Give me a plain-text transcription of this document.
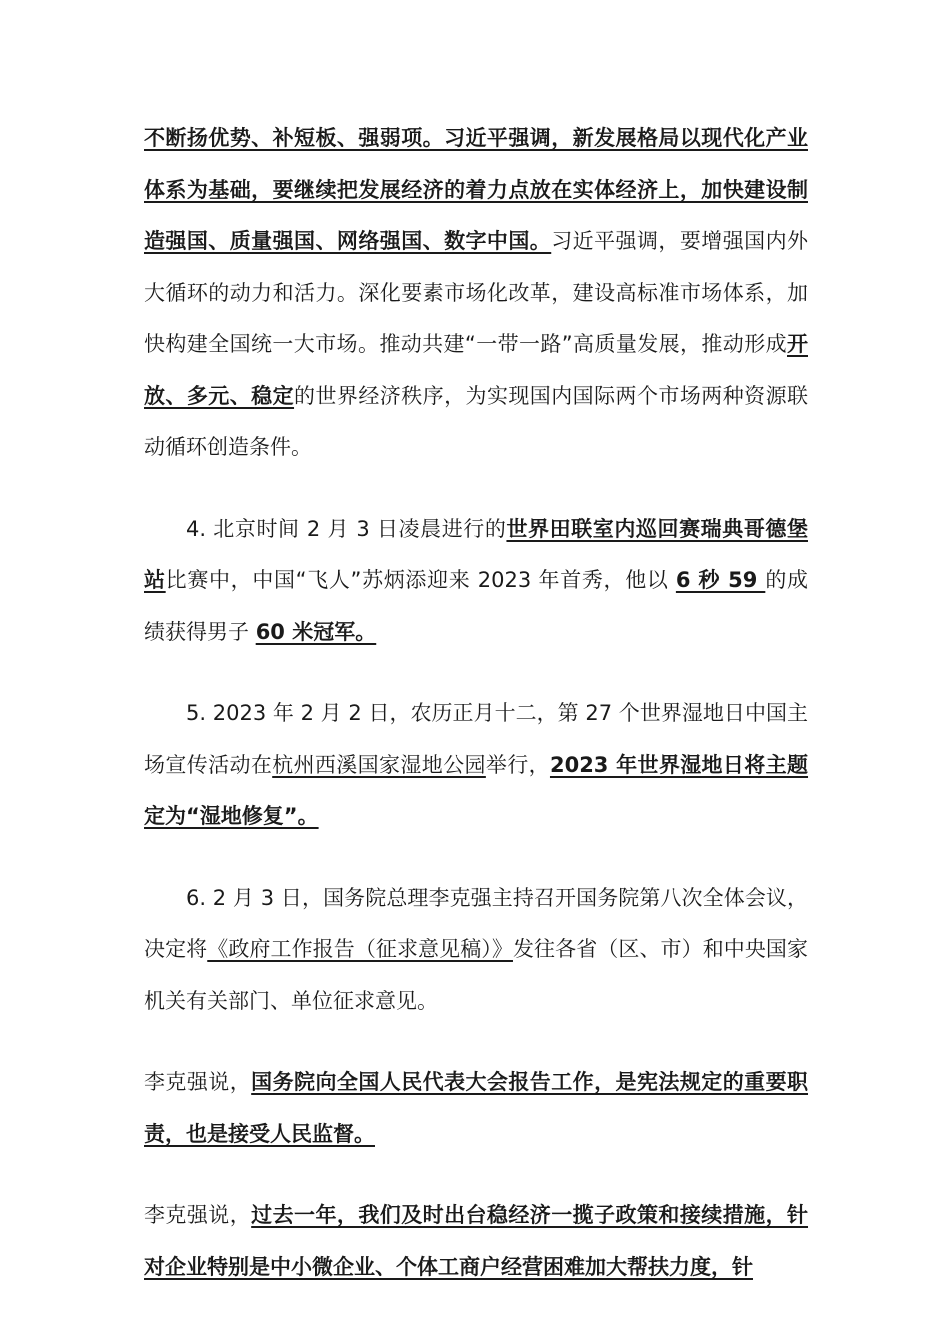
不断扬优势、补短板、强弱项。习近平强调，新发展格局以现代化产业体系为基础，要继续把发展经济的着力点放在实体经济上，加快建设制造强国、质量强国、网络强国、数字中国。习近平强调，要增强国内外大循环的动力和活力。深化要素市场化改革，建设高标准市场体系，加快构建全国统一大市场。推动共建“一带一路”高质量发展，推动形成开放、多元、稳定的世界经济秩序，为实现国内国际两个市场两种资源联动循环创造条件。

4. 北京时间 2 月 3 日凌晨进行的世界田联室内巡回赛瑞典哥德堡站比赛中，中国“飞人”苏炳添迎来 2023 年首秀，他以 6 秒 59 的成绩获得男子 60 米冠军。

5. 2023 年 2 月 2 日，农历正月十二，第 27 个世界湿地日中国主场宣传活动在杭州西溪国家湿地公园举行，2023 年世界湿地日将主题定为“湿地修复”。

6. 2 月 3 日，国务院总理李克强主持召开国务院第八次全体会议，决定将《政府工作报告（征求意见稿）》发往各省（区、市）和中央国家机关有关部门、单位征求意见。

李克强说，国务院向全国人民代表大会报告工作，是宪法规定的重要职责，也是接受人民监督。

李克强说，过去一年，我们及时出台稳经济一揽子政策和接续措施，针对企业特别是中小微企业、个体工商户经营困难加大帮扶力度，针
